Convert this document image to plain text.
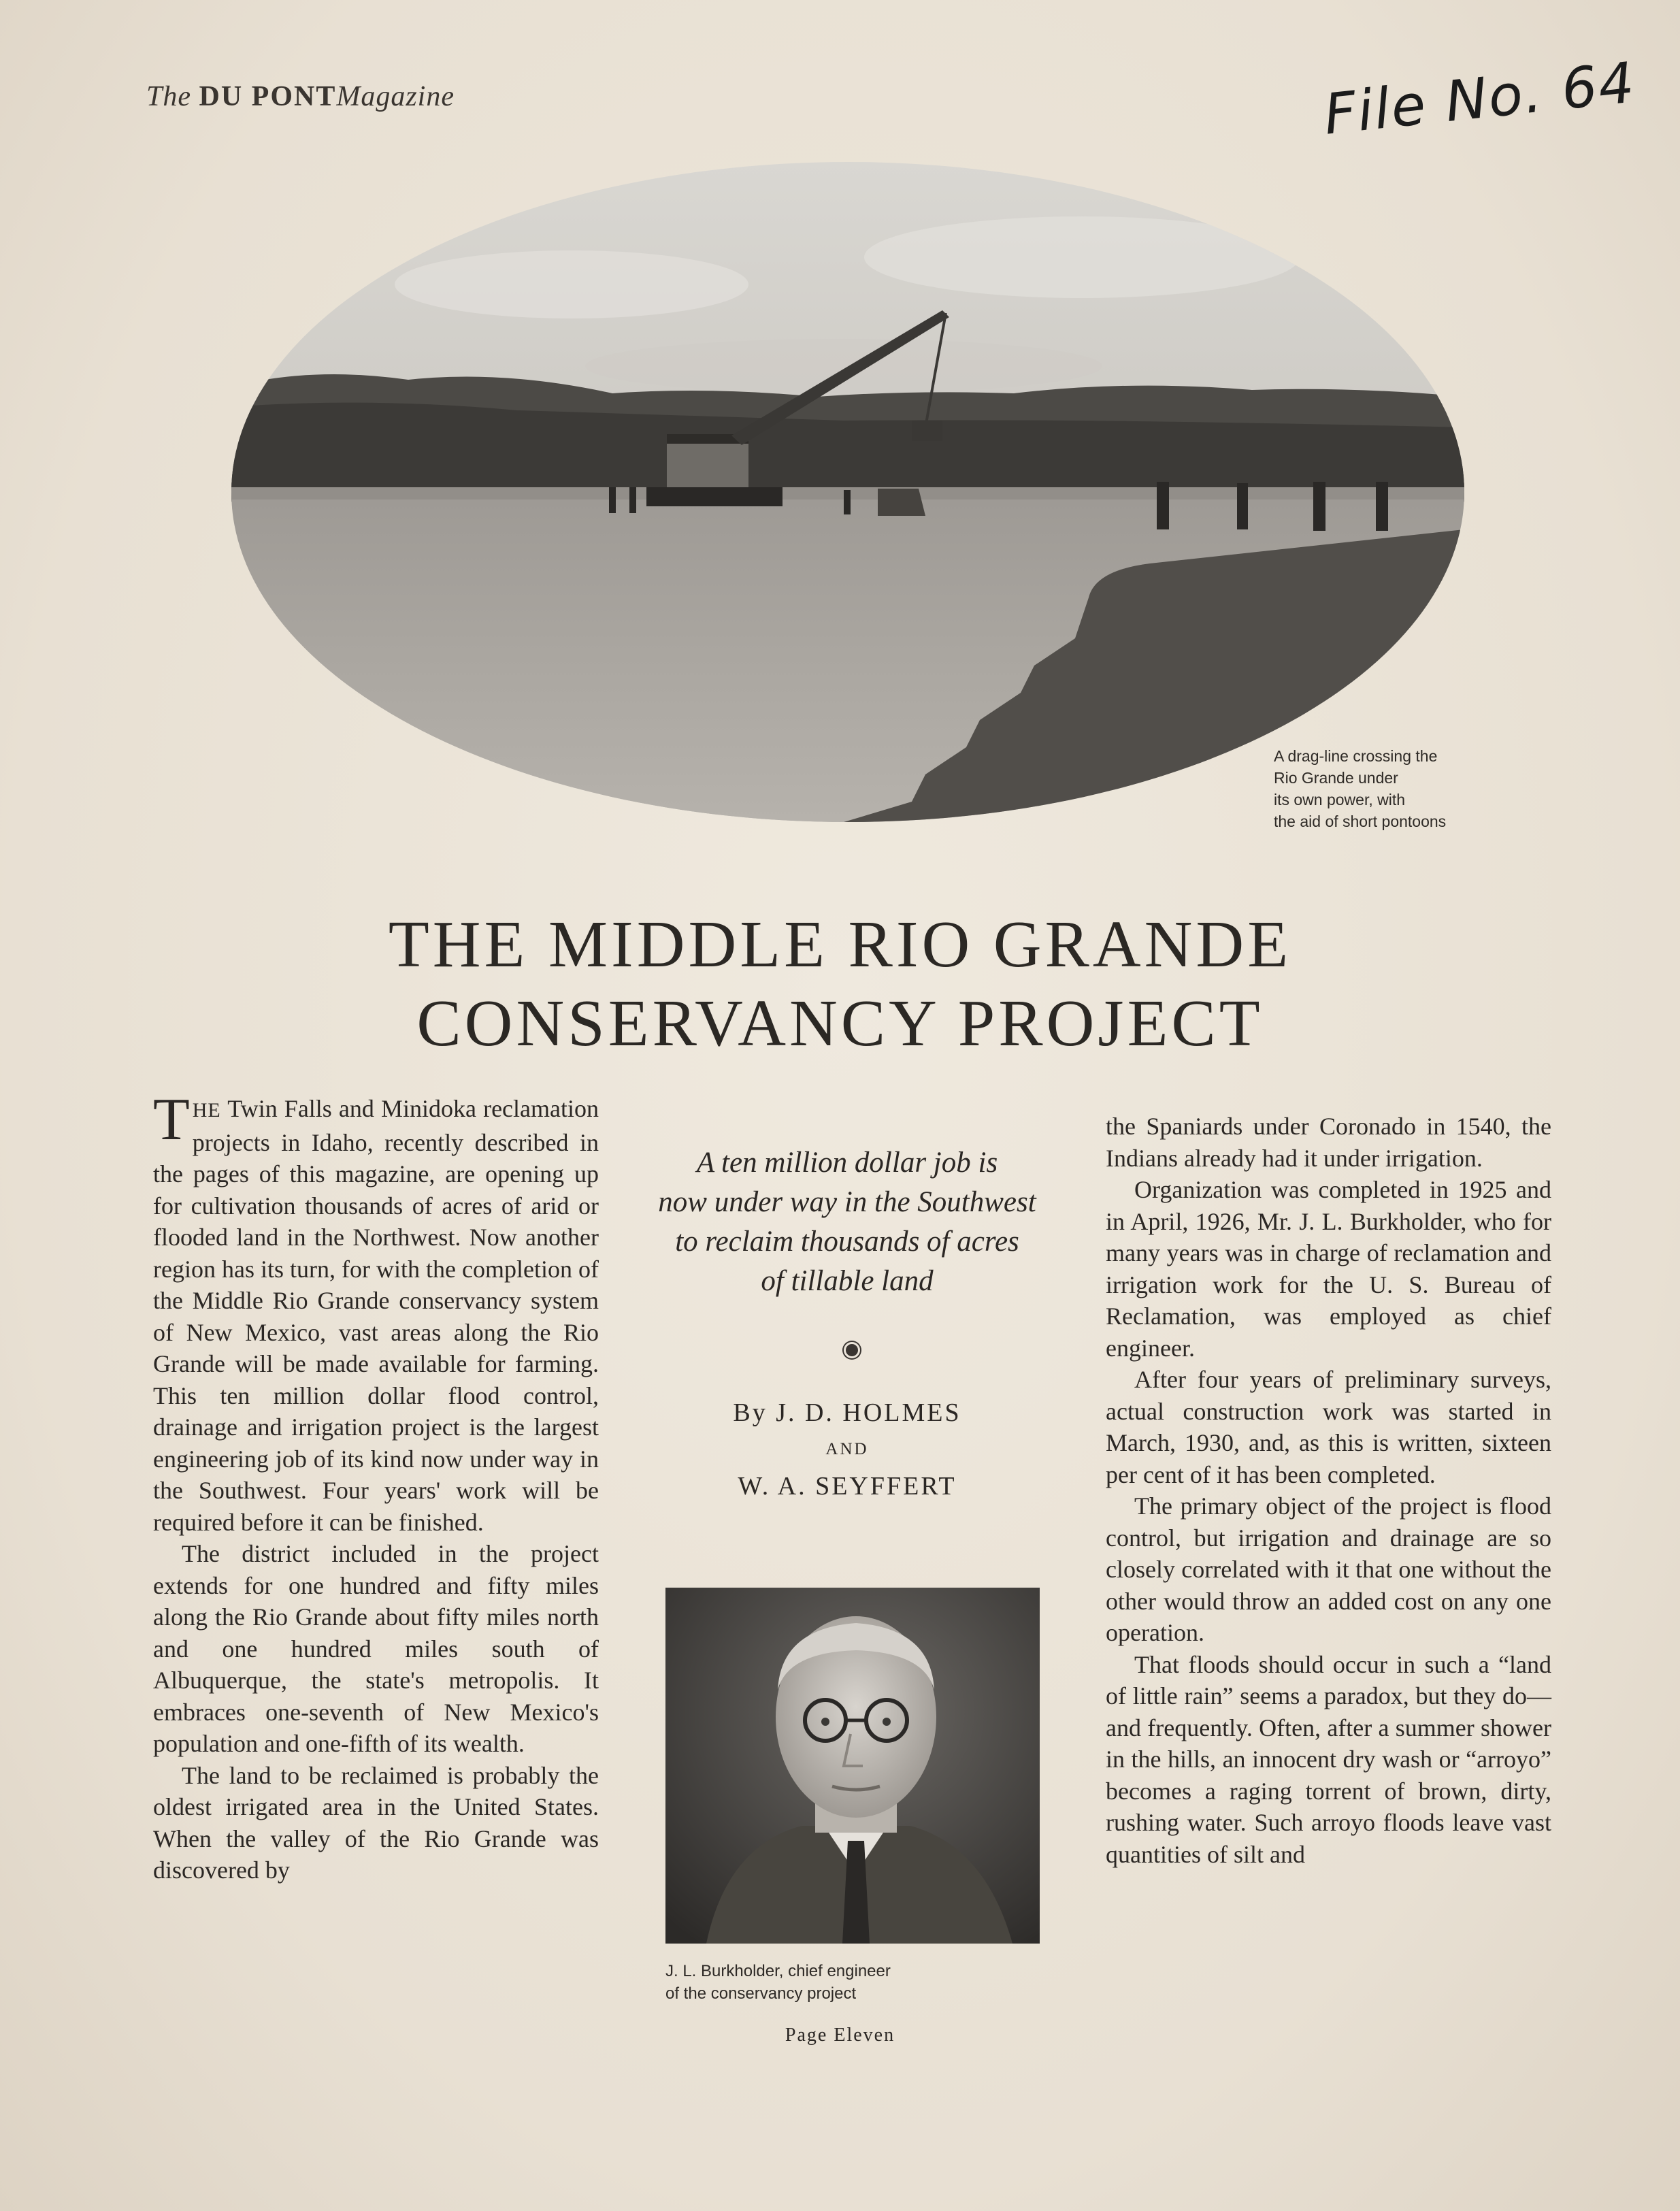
The DU PONTMagazine	File No. 64
A drag-line crossing the
Rio Grande under
its own power, with
the aid of short pontoons
THE MIDDLE RIO GRANDE
CONSERVANCY PROJECT

THE Twin Falls and Minidoka reclamation projects in Idaho, recently described in the pages of this magazine, are opening up for cultivation thousands of acres of arid or flooded land in the Northwest. Now another region has its turn, for with the completion of the Middle Rio Grande conservancy system of New Mexico, vast areas along the Rio Grande will be made available for farming. This ten million dollar flood control, drainage and irrigation project is the largest engineering job of its kind now under way in the Southwest. Four years' work will be required before it can be finished.

The district included in the project extends for one hundred and fifty miles along the Rio Grande about fifty miles north and one hundred miles south of Albuquerque, the state's metropolis. It embraces one-seventh of New Mexico's population and one-fifth of its wealth.

The land to be reclaimed is probably the oldest irrigated area in the United States. When the valley of the Rio Grande was discovered by

A ten million dollar job is
now under way in the Southwest
to reclaim thousands of acres
of tillable land
By J. D. HOLMES
AND
W. A. SEYFFERT
J. L. Burkholder, chief engineer
of the conservancy project

the Spaniards under Coronado in 1540, the Indians already had it under irrigation.

Organization was completed in 1925 and in April, 1926, Mr. J. L. Burkholder, who for many years was in charge of reclamation and irrigation work for the U. S. Bureau of Reclamation, was employed as chief engineer.

After four years of preliminary surveys, actual construction work was started in March, 1930, and, as this is written, sixteen per cent of it has been completed.

The primary object of the project is flood control, but irrigation and drainage are so closely correlated with it that one without the other would throw an added cost on any one operation.

That floods should occur in such a “land of little rain” seems a paradox, but they do—and frequently. Often, after a summer shower in the hills, an innocent dry wash or “arroyo” becomes a raging torrent of brown, dirty, rushing water. Such arroyo floods leave vast quantities of silt and

Page Eleven
